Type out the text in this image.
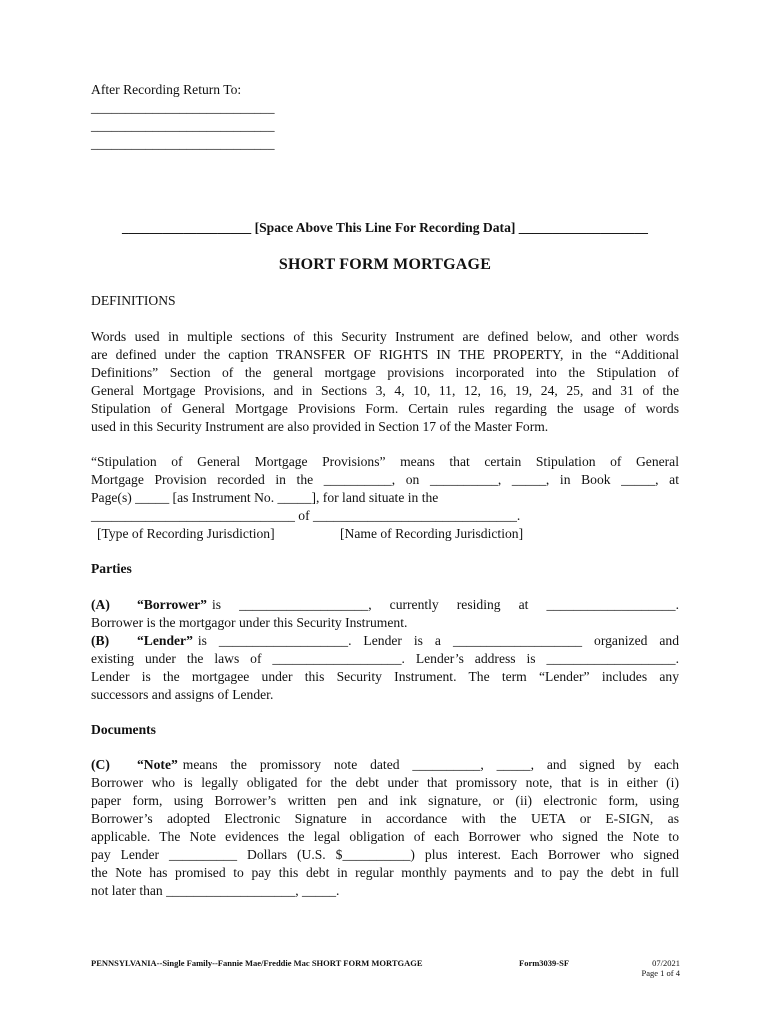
After Recording Return To:
___________________________
___________________________
___________________________
___________________ [Space Above This Line For Recording Data] ___________________
SHORT FORM MORTGAGE
DEFINITIONS
Words used in multiple sections of this Security Instrument are defined below, and other words
are defined under the caption TRANSFER OF RIGHTS IN THE PROPERTY, in the “Additional
Definitions” Section of the general mortgage provisions incorporated into the Stipulation of
General Mortgage Provisions, and in Sections 3, 4, 10, 11, 12, 16, 19, 24, 25, and 31 of the
Stipulation of General Mortgage Provisions Form. Certain rules regarding the usage of words
used in this Security Instrument are also provided in Section 17 of the Master Form.
“Stipulation of General Mortgage Provisions” means that certain Stipulation of General
Mortgage Provision recorded in the __________, on __________, _____, in Book _____, at
Page(s) _____ [as Instrument No. _____], for land situate in the
______________________________ of ______________________________.
[Type of Recording Jurisdiction]	[Name of Recording Jurisdiction]
Parties
(A)	“Borrower” is ___________________, currently residing at ___________________.
Borrower is the mortgagor under this Security Instrument.
(B)	“Lender” is ___________________. Lender is a ___________________ organized and
existing under the laws of ___________________. Lender’s address is ___________________.
Lender is the mortgagee under this Security Instrument. The term “Lender” includes any
successors and assigns of Lender.
Documents
(C)	“Note” means the promissory note dated __________, _____, and signed by each
Borrower who is legally obligated for the debt under that promissory note, that is in either (i)
paper form, using Borrower’s written pen and ink signature, or (ii) electronic form, using
Borrower’s adopted Electronic Signature in accordance with the UETA or E-SIGN, as
applicable. The Note evidences the legal obligation of each Borrower who signed the Note to
pay Lender __________ Dollars (U.S. $__________) plus interest. Each Borrower who signed
the Note has promised to pay this debt in regular monthly payments and to pay the debt in full
not later than ___________________, _____.
PENNSYLVANIA--Single Family--Fannie Mae/Freddie Mac SHORT FORM MORTGAGE	Form3039-SF	07/2021
Page 1 of 4
